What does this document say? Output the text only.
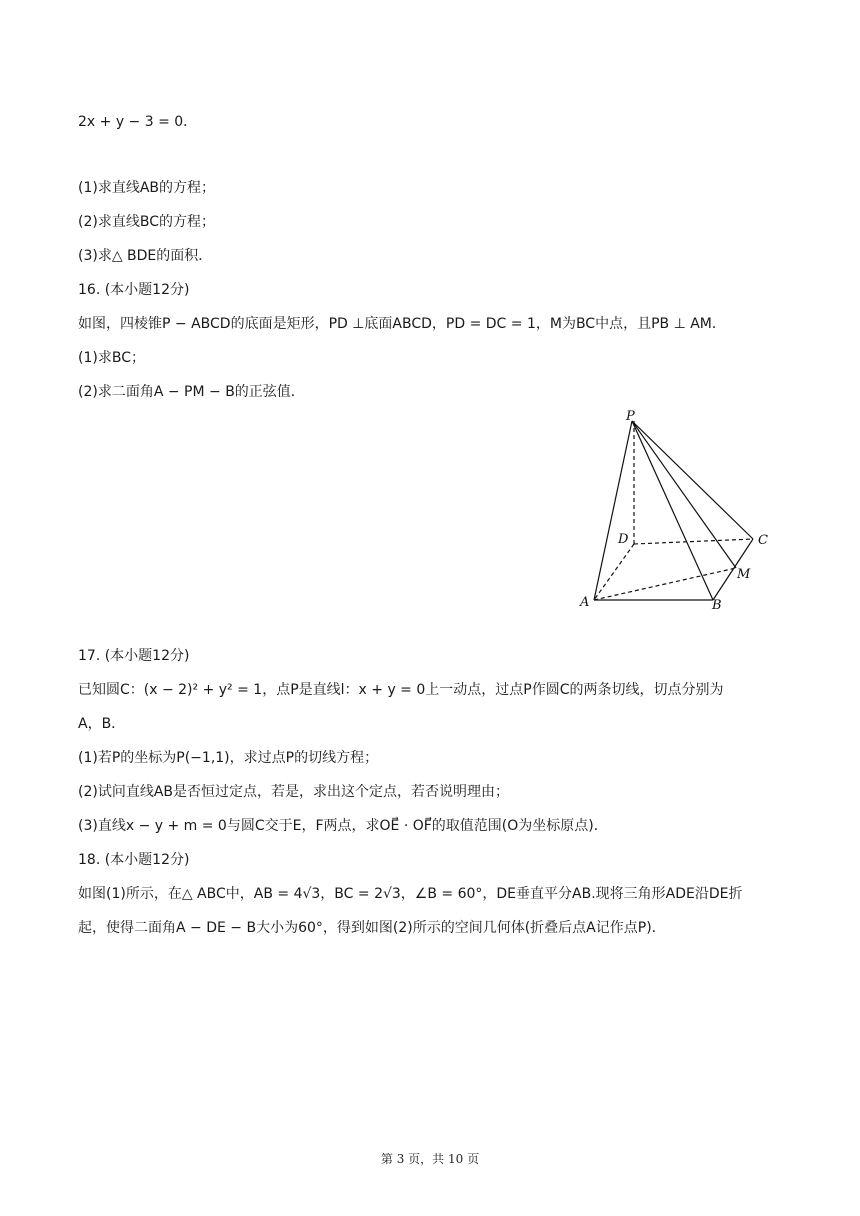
2x + y − 3 = 0．
(1)求直线AB的方程；
(2)求直线BC的方程；
(3)求△ BDE的面积．
16. (本小题12分)
如图，四棱锥P − ABCD的底面是矩形，PD ⊥底面ABCD，PD = DC = 1，M为BC中点，且PB ⊥ AM．
(1)求BC；
(2)求二面角A − PM − B的正弦值．
P
D	C
M
A	B
17. (本小题12分)
已知圆C：(x − 2)² + y² = 1，点P是直线l：x + y = 0上一动点，过点P作圆C的两条切线，切点分别为
A，B．
(1)若P的坐标为P(−1,1)，求过点P的切线方程；
(2)试问直线AB是否恒过定点，若是，求出这个定点，若否说明理由；
(3)直线x − y + m = 0与圆C交于E，F两点，求OE⃗ · OF⃗的取值范围(O为坐标原点)．
18. (本小题12分)
如图(1)所示，在△ ABC中，AB = 4√3，BC = 2√3，∠B = 60°，DE垂直平分AB.现将三角形ADE沿DE折
起，使得二面角A − DE − B大小为60°，得到如图(2)所示的空间几何体(折叠后点A记作点P)．
第 3 页，共 10 页
